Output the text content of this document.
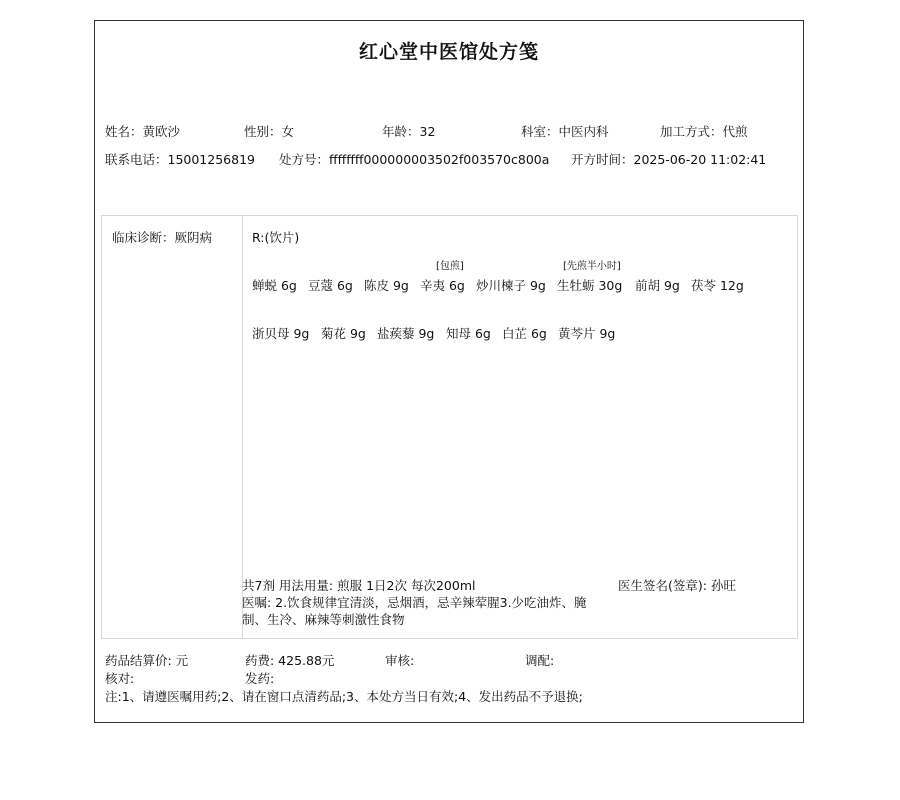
红心堂中医馆处方笺
姓名：黄欧沙	性别：女	年龄：32	科室：中医内科	加工方式：代煎
联系电话：15001256819 处方号：ffffffff000000003502f003570c800a 开方时间：2025-06-20 11:02:41
临床诊断：厥阴病	R:(饮片)
[包煎]	[先煎半小时]
蝉蜕 6g 豆蔻 6g 陈皮 9g 辛夷 6g 炒川楝子 9g 生牡蛎 30g 前胡 9g 茯苓 12g
浙贝母 9g 菊花 9g 盐蒺藜 9g 知母 6g 白芷 6g 黄芩片 9g
共7剂 用法用量: 煎服 1日2次 每次200ml	医生签名(签章): 孙旺
医嘱: 2.饮食规律宜清淡，忌烟酒，忌辛辣荤腥3.少吃油炸、腌制、生冷、麻辣等刺激性食物
药品结算价: 元	药费: 425.88元	审核:	调配:
核对:	发药:
注:1、请遵医嘱用药;2、请在窗口点清药品;3、本处方当日有效;4、发出药品不予退换;
